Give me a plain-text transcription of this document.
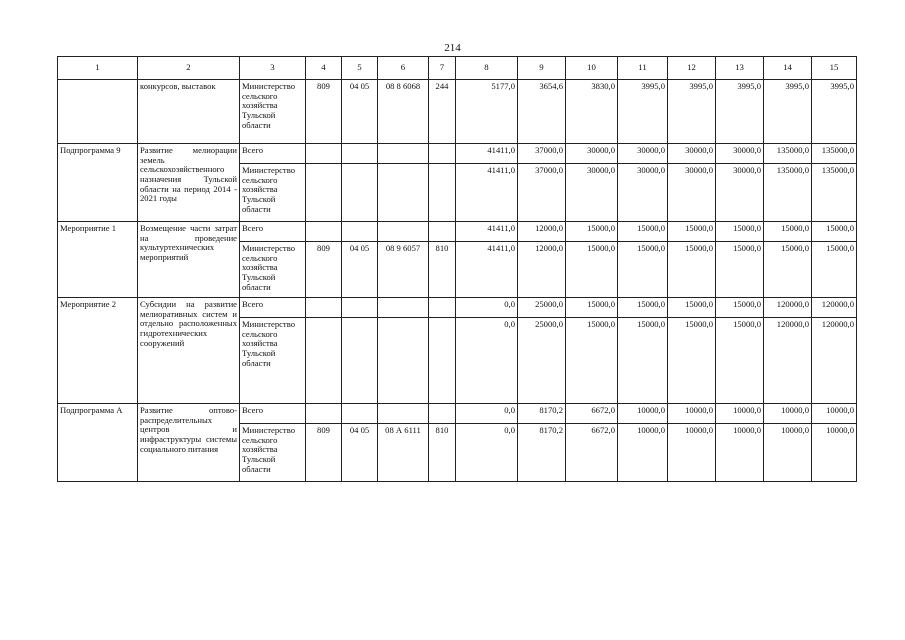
214
1	2	3	4	5	6	7	8	9	10	11	12	13	14	15
	конкурсов, выставок	Министерство сельского хозяйства Тульской области	809	04 05	08 8 6068	244	5177,0	3654,6	3830,0	3995,0	3995,0	3995,0	3995,0	3995,0
Подпрограмма 9	Развитие мелиорации земель сельскохозяйственного назначения Тульской области на период 2014 - 2021 годы	Всего					41411,0	37000,0	30000,0	30000,0	30000,0	30000,0	135000,0	135000,0
		Министерство сельского хозяйства Тульской области					41411,0	37000,0	30000,0	30000,0	30000,0	30000,0	135000,0	135000,0
Мероприятие 1	Возмещение части затрат на проведение культуртехнических мероприятий	Всего					41411,0	12000,0	15000,0	15000,0	15000,0	15000,0	15000,0	15000,0
		Министерство сельского хозяйства Тульской области	809	04 05	08 9 6057	810	41411,0	12000,0	15000,0	15000,0	15000,0	15000,0	15000,0	15000,0
Мероприятие 2	Субсидии на развитие мелиоративных систем и отдельно расположенных гидротехнических сооружений	Всего					0,0	25000,0	15000,0	15000,0	15000,0	15000,0	120000,0	120000,0
		Министерство сельского хозяйства Тульской области					0,0	25000,0	15000,0	15000,0	15000,0	15000,0	120000,0	120000,0
Подпрограмма А	Развитие оптово-распределительных центров и инфраструктуры системы социального питания	Всего					0,0	8170,2	6672,0	10000,0	10000,0	10000,0	10000,0	10000,0
		Министерство сельского хозяйства Тульской области	809	04 05	08 А 6111	810	0,0	8170,2	6672,0	10000,0	10000,0	10000,0	10000,0	10000,0
